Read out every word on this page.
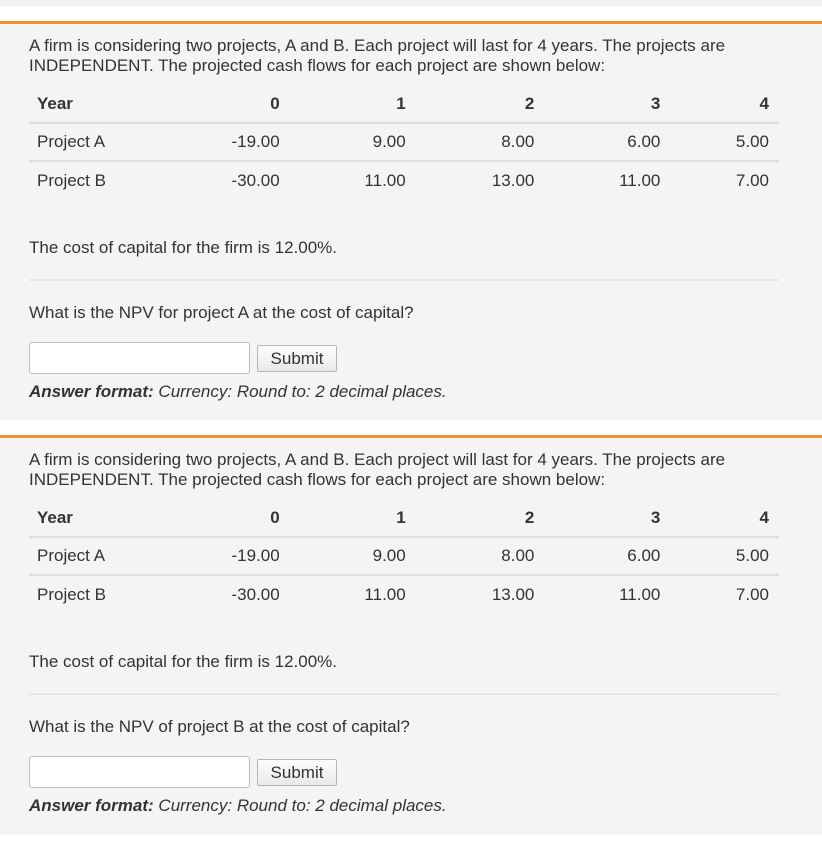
A firm is considering two projects, A and B. Each project will last for 4 years. The projects are INDEPENDENT. The projected cash flows for each project are shown below:

Year	0	1	2	3	4
Project A	-19.00	9.00	8.00	6.00	5.00
Project B	-30.00	11.00	13.00	11.00	7.00

The cost of capital for the firm is 12.00%.

What is the NPV for project A at the cost of capital?

Submit

Answer format: Currency: Round to: 2 decimal places.

A firm is considering two projects, A and B. Each project will last for 4 years. The projects are INDEPENDENT. The projected cash flows for each project are shown below:

Year	0	1	2	3	4
Project A	-19.00	9.00	8.00	6.00	5.00
Project B	-30.00	11.00	13.00	11.00	7.00

The cost of capital for the firm is 12.00%.

What is the NPV of project B at the cost of capital?

Submit

Answer format: Currency: Round to: 2 decimal places.
